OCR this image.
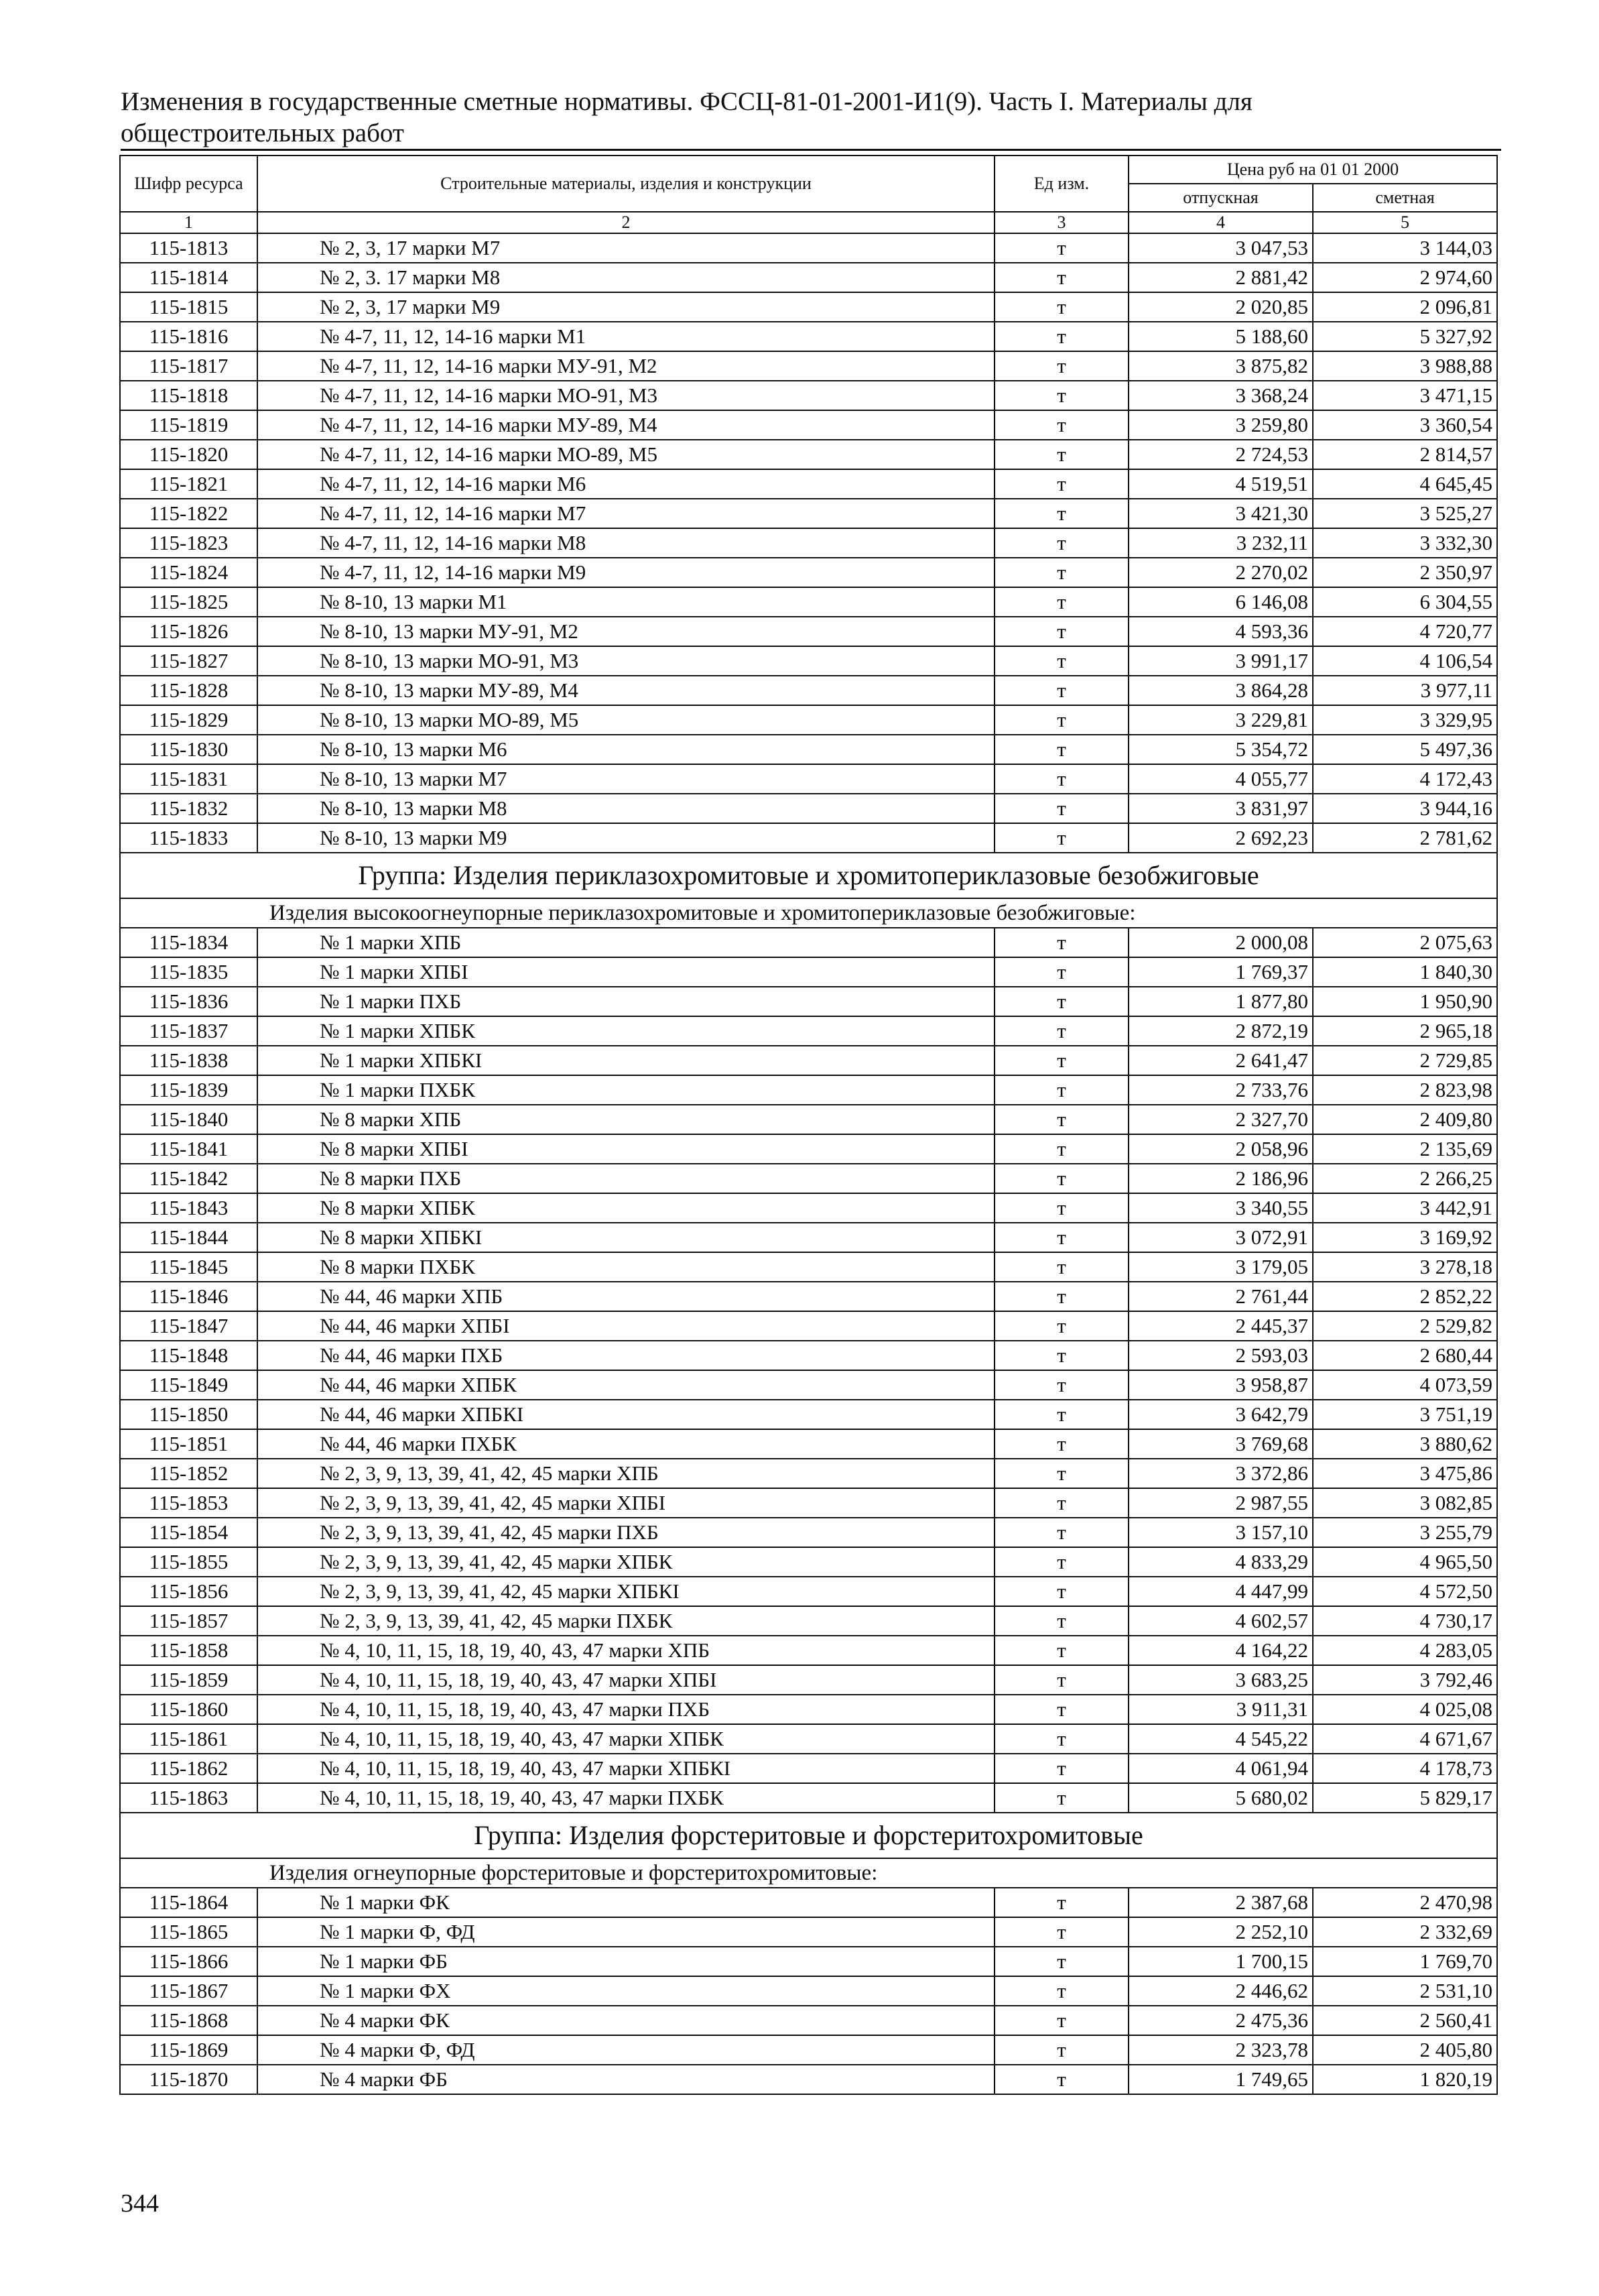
Изменения в государственные сметные нормативы. ФССЦ-81-01-2001-И1(9). Часть I. Материалы для
общестроительных работ
Шифр ресурса	Строительные материалы, изделия и конструкции	Ед изм.	Цена руб на 01 01 2000	
			отпускная	сметная
1	2	3	4	5
115-1813	№ 2, 3, 17 марки М7	т	3 047,53	3 144,03
115-1814	№ 2, 3. 17 марки М8	т	2 881,42	2 974,60
115-1815	№ 2, 3, 17 марки М9	т	2 020,85	2 096,81
115-1816	№ 4-7, 11, 12, 14-16 марки М1	т	5 188,60	5 327,92
115-1817	№ 4-7, 11, 12, 14-16 марки МУ-91, М2	т	3 875,82	3 988,88
115-1818	№ 4-7, 11, 12, 14-16 марки МО-91, М3	т	3 368,24	3 471,15
115-1819	№ 4-7, 11, 12, 14-16 марки МУ-89, М4	т	3 259,80	3 360,54
115-1820	№ 4-7, 11, 12, 14-16 марки МО-89, М5	т	2 724,53	2 814,57
115-1821	№ 4-7, 11, 12, 14-16 марки М6	т	4 519,51	4 645,45
115-1822	№ 4-7, 11, 12, 14-16 марки М7	т	3 421,30	3 525,27
115-1823	№ 4-7, 11, 12, 14-16 марки М8	т	3 232,11	3 332,30
115-1824	№ 4-7, 11, 12, 14-16 марки М9	т	2 270,02	2 350,97
115-1825	№ 8-10, 13 марки М1	т	6 146,08	6 304,55
115-1826	№ 8-10, 13 марки МУ-91, М2	т	4 593,36	4 720,77
115-1827	№ 8-10, 13 марки МО-91, М3	т	3 991,17	4 106,54
115-1828	№ 8-10, 13 марки МУ-89, М4	т	3 864,28	3 977,11
115-1829	№ 8-10, 13 марки МО-89, М5	т	3 229,81	3 329,95
115-1830	№ 8-10, 13 марки М6	т	5 354,72	5 497,36
115-1831	№ 8-10, 13 марки М7	т	4 055,77	4 172,43
115-1832	№ 8-10, 13 марки М8	т	3 831,97	3 944,16
115-1833	№ 8-10, 13 марки М9	т	2 692,23	2 781,62
Группа: Изделия периклазохромитовые и хромитопериклазовые безобжиговые				
Изделия высокоогнеупорные периклазохромитовые и хромитопериклазовые безобжиговые:				
115-1834	№ 1 марки ХПБ	т	2 000,08	2 075,63
115-1835	№ 1 марки ХПБI	т	1 769,37	1 840,30
115-1836	№ 1 марки ПХБ	т	1 877,80	1 950,90
115-1837	№ 1 марки ХПБК	т	2 872,19	2 965,18
115-1838	№ 1 марки ХПБКI	т	2 641,47	2 729,85
115-1839	№ 1 марки ПХБК	т	2 733,76	2 823,98
115-1840	№ 8 марки ХПБ	т	2 327,70	2 409,80
115-1841	№ 8 марки ХПБI	т	2 058,96	2 135,69
115-1842	№ 8 марки ПХБ	т	2 186,96	2 266,25
115-1843	№ 8 марки ХПБК	т	3 340,55	3 442,91
115-1844	№ 8 марки ХПБКI	т	3 072,91	3 169,92
115-1845	№ 8 марки ПХБК	т	3 179,05	3 278,18
115-1846	№ 44, 46 марки ХПБ	т	2 761,44	2 852,22
115-1847	№ 44, 46 марки ХПБI	т	2 445,37	2 529,82
115-1848	№ 44, 46 марки ПХБ	т	2 593,03	2 680,44
115-1849	№ 44, 46 марки ХПБК	т	3 958,87	4 073,59
115-1850	№ 44, 46 марки ХПБКI	т	3 642,79	3 751,19
115-1851	№ 44, 46 марки ПХБК	т	3 769,68	3 880,62
115-1852	№ 2, 3, 9, 13, 39, 41, 42, 45 марки ХПБ	т	3 372,86	3 475,86
115-1853	№ 2, 3, 9, 13, 39, 41, 42, 45 марки ХПБI	т	2 987,55	3 082,85
115-1854	№ 2, 3, 9, 13, 39, 41, 42, 45 марки ПХБ	т	3 157,10	3 255,79
115-1855	№ 2, 3, 9, 13, 39, 41, 42, 45 марки ХПБК	т	4 833,29	4 965,50
115-1856	№ 2, 3, 9, 13, 39, 41, 42, 45 марки ХПБКI	т	4 447,99	4 572,50
115-1857	№ 2, 3, 9, 13, 39, 41, 42, 45 марки ПХБК	т	4 602,57	4 730,17
115-1858	№ 4, 10, 11, 15, 18, 19, 40, 43, 47 марки ХПБ	т	4 164,22	4 283,05
115-1859	№ 4, 10, 11, 15, 18, 19, 40, 43, 47 марки ХПБI	т	3 683,25	3 792,46
115-1860	№ 4, 10, 11, 15, 18, 19, 40, 43, 47 марки ПХБ	т	3 911,31	4 025,08
115-1861	№ 4, 10, 11, 15, 18, 19, 40, 43, 47 марки ХПБК	т	4 545,22	4 671,67
115-1862	№ 4, 10, 11, 15, 18, 19, 40, 43, 47 марки ХПБКI	т	4 061,94	4 178,73
115-1863	№ 4, 10, 11, 15, 18, 19, 40, 43, 47 марки ПХБК	т	5 680,02	5 829,17
Группа: Изделия форстеритовые и форстеритохромитовые				
Изделия огнеупорные форстеритовые и форстеритохромитовые:				
115-1864	№ 1 марки ФК	т	2 387,68	2 470,98
115-1865	№ 1 марки Ф, ФД	т	2 252,10	2 332,69
115-1866	№ 1 марки ФБ	т	1 700,15	1 769,70
115-1867	№ 1 марки ФХ	т	2 446,62	2 531,10
115-1868	№ 4 марки ФК	т	2 475,36	2 560,41
115-1869	№ 4 марки Ф, ФД	т	2 323,78	2 405,80
115-1870	№ 4 марки ФБ	т	1 749,65	1 820,19
344
